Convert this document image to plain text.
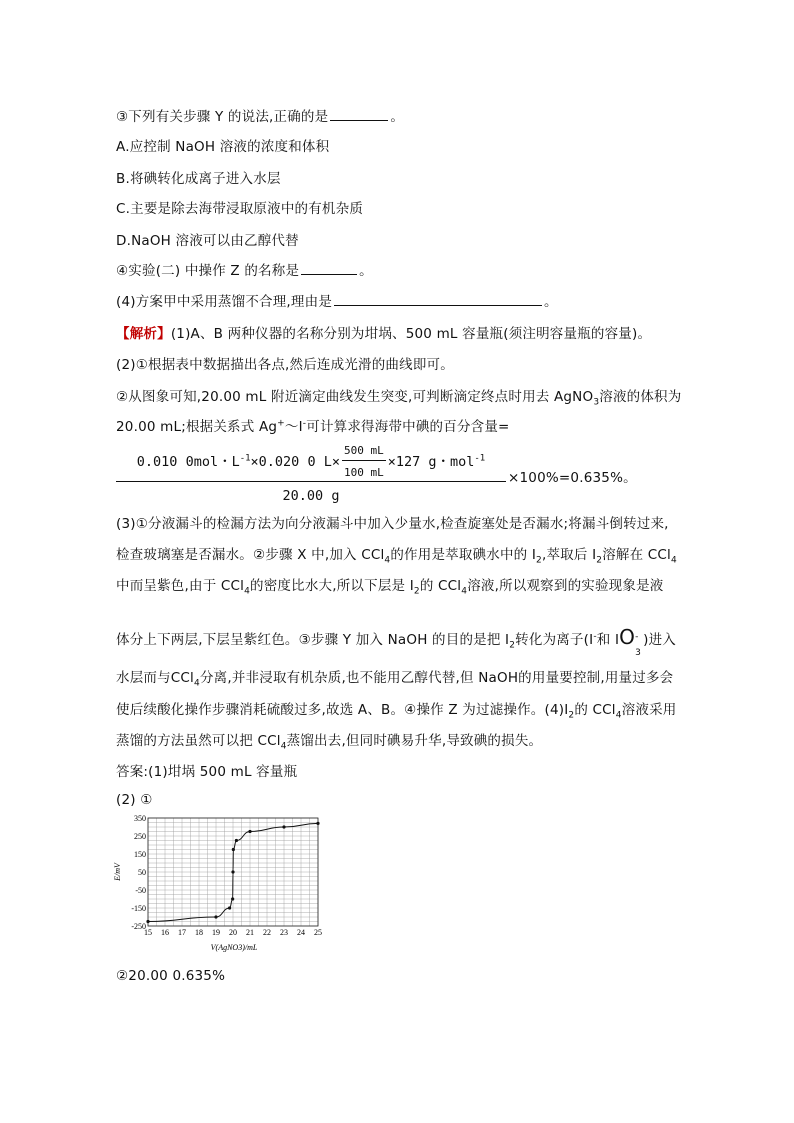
③下列有关步骤 Y 的说法,正确的是	。
A.应控制 NaOH 溶液的浓度和体积
B.将碘转化成离子进入水层
C.主要是除去海带浸取原液中的有机杂质
D.NaOH 溶液可以由乙醇代替
④实验(二) 中操作 Z 的名称是	。
(4)方案甲中采用蒸馏不合理,理由是	。
【解析】(1)A、B 两种仪器的名称分别为坩埚、500 mL 容量瓶(须注明容量瓶的容量)。
(2)①根据表中数据描出各点,然后连成光滑的曲线即可。
②从图象可知,20.00 mL 附近滴定曲线发生突变,可判断滴定终点时用去 AgNO$_3$溶液的体积为
20.00 mL;根据关系式 Ag+～I-可计算求得海带中碘的百分含量=
0.010 0mol・$L^{-1}\times 0.020$ 0 $L\times \frac{500 mL}{100 mL} \times 127$ g・mol$^{-1}$
20.00 g
×100%=0.635%。
(3)①分液漏斗的检漏方法为向分液漏斗中加入少量水,检查旋塞处是否漏水;将漏斗倒转过来,
检查玻璃塞是否漏水。②步骤 X 中,加入 CCl$_4$的作用是萃取碘水中的 $I_2$,萃取后 $I_2$溶解在 CCl$_4$
中而呈紫色,由于 CCl$_4$的密度比水大,所以下层是 $I_2$的 CCl$_4$溶液,所以观察到的实验现象是液
体分上下两层,下层呈紫红色。③步骤 Y 加入 NaOH 的目的是把 $I_2$转化为离子(I-和 IO -
3
)进入
水层而与CCl$_4$分离,并非浸取有机杂质,也不能用乙醇代替,但 NaOH的用量要控制,用量过多会
使后续酸化操作步骤消耗硫酸过多,故选 A、B。④操作 Z 为过滤操作。$(4)I_2$的 CCl$_4$溶液采用
蒸馏的方法虽然可以把 CCl$_4$蒸馏出去,但同时碘易升华,导致碘的损失。
答案:(1)坩埚 500 mL 容量瓶
(2) ①
15 16 17 18 19 20 21 22 23 24 25
350
250
150
50
-50
-150
-250
V(AgNO3)/mL
E/mV
②20.00 0.635%
